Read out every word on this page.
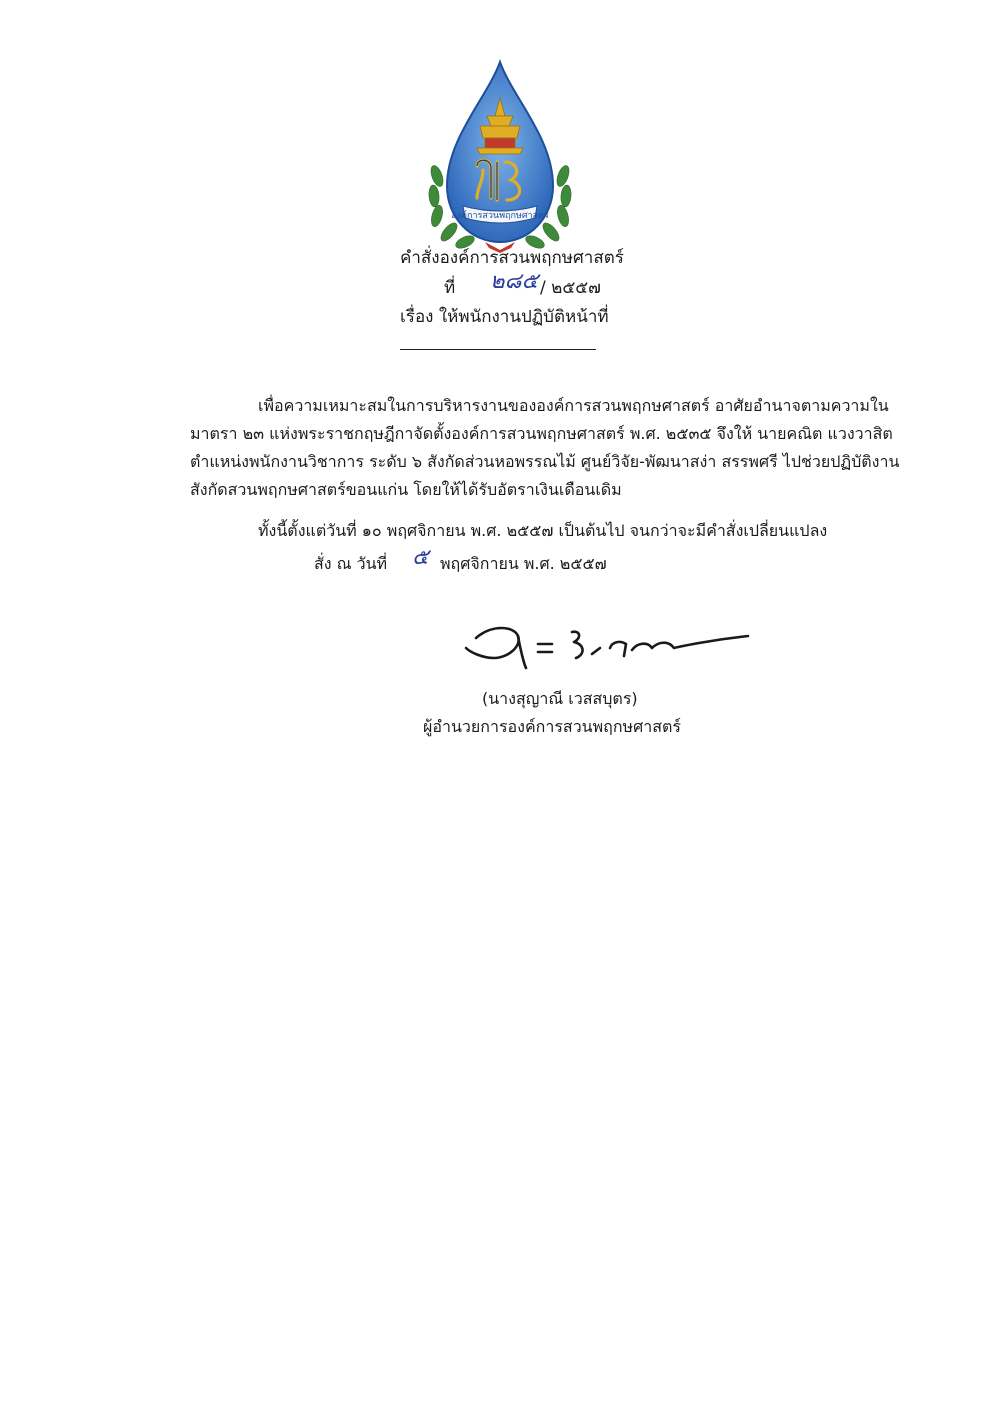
องค์การสวนพฤกษศาสตร์
คำสั่งองค์การสวนพฤกษศาสตร์
ที่ ๒๘๕ / ๒๕๕๗
เรื่อง ให้พนักงานปฏิบัติหน้าที่
เพื่อความเหมาะสมในการบริหารงานขององค์การสวนพฤกษศาสตร์ อาศัยอำนาจตามความใน
มาตรา ๒๓ แห่งพระราชกฤษฎีกาจัดตั้งองค์การสวนพฤกษศาสตร์ พ.ศ. ๒๕๓๕ จึงให้ นายคณิต แวงวาสิต
ตำแหน่งพนักงานวิชาการ ระดับ ๖ สังกัดส่วนหอพรรณไม้ ศูนย์วิจัย-พัฒนาสง่า สรรพศรี ไปช่วยปฏิบัติงาน
สังกัดสวนพฤกษศาสตร์ขอนแก่น โดยให้ได้รับอัตราเงินเดือนเดิม
ทั้งนี้ตั้งแต่วันที่ ๑๐ พฤศจิกายน พ.ศ. ๒๕๕๗ เป็นต้นไป จนกว่าจะมีคำสั่งเปลี่ยนแปลง
สั่ง ณ วันที่ ๕ พฤศจิกายน พ.ศ. ๒๕๕๗
(นางสุญาณี เวสสบุตร)
ผู้อำนวยการองค์การสวนพฤกษศาสตร์
